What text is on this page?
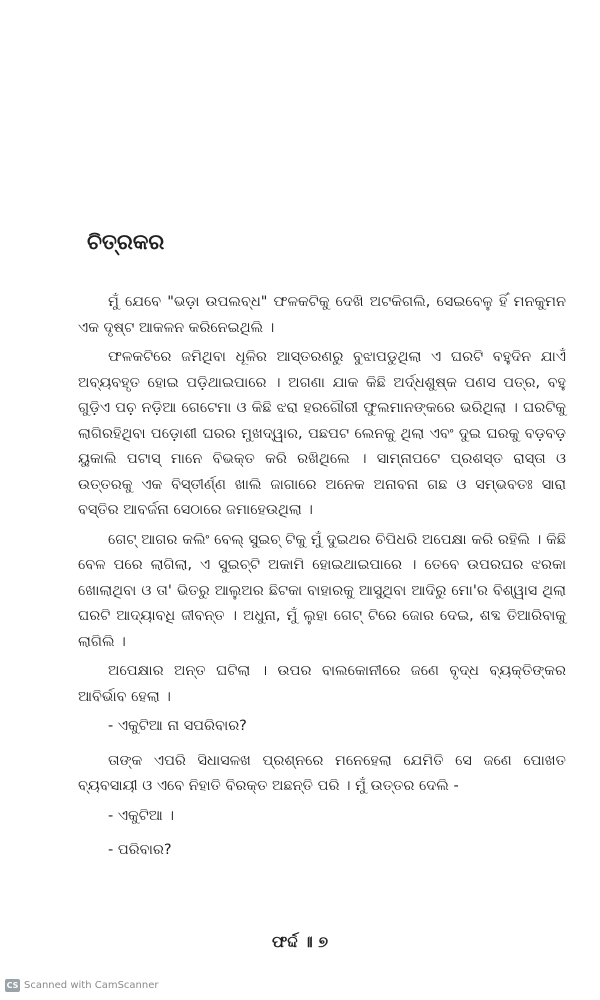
ଚିତ୍ରକର

ମୁଁ ଯେବେ "ଭଡ଼ା ଉପଲବ୍ଧ" ଫଳକଟିକୁ ଦେଖି ଅଟକିଗଲି, ସେଇବେଳୁ ହିଁ ମନକୁମନ ଏକ ଦୃଷ୍ଟ ଆକଳନ କରିନେଇଥିଲି ।

ଫଳକଟିରେ ଜମିଥିବା ଧୂଳିର ଆସ୍ତରଣରୁ ବୁଝାପଡୁଥିଲା ଏ ଘରଟି ବହୁଦିନ ଯାଏଁ ଅବ୍ୟବହୃତ ହୋଇ ପଡ଼ିଥାଇପାରେ । ଅଗଣା ଯାକ କିଛି ଅର୍ଦ୍ଧଶୁଷ୍କ ପଣସ ପତ୍ର, ବହୁ ଗୁଡ଼ିଏ ପଚ଼ ନଡ଼ିଆ ଗେଟେମା ଓ କିଛି ଝରା ହରଗୌରୀ ଫୁଲମାନଙ୍କରେ ଭରିଥିଲା । ଘରଟିକୁ ଲାଗିରହିଥିବା ପଡ଼ୋଶୀ ଘରର ମୁଖଦ୍ୱାର, ପଛପଟ ଲେନକୁ ଥିଲା ଏବଂ ଦୁଇ ଘରକୁ ବଡ଼ବଡ଼ ୟୁକାଲି ପଟାସ୍ ମାନେ ବିଭକ୍ତ କରି ରଖିଥିଲେ । ସାମ୍ନାପଟେ ପ୍ରଶସ୍ତ ରାସ୍ତା ଓ ଉତ୍ତରକୁ ଏକ ବିସ୍ତୀର୍ଣ୍ଣ ଖାଲି ଜାଗାରେ ଅନେକ ଅନାବନା ଗଛ ଓ ସମ୍ଭବତଃ ସାରା ବସ୍ତିର ଆବର୍ଜନା ସେଠାରେ ଜମାହେଉଥିଲା ।

ଗେଟ୍ ଆଗର କଲିଂ ବେଲ୍ ସୁଇଚ୍ ଟିକୁ ମୁଁ ଦୁଇଥର ଚିପିଧରି ଅପେକ୍ଷା କରି ରହିଲି । କିଛି ବେଳ ପରେ ଲାଗିଲା, ଏ ସୁଇଚ୍‌ଟି ଅକାମି ହୋଇଥାଇପାରେ । ତେବେ ଉପରଘର ଝରକା ଖୋଲାଥିବା ଓ ତା' ଭିତରୁ ଆଲୁଅର ଛିଟକା ବାହାରକୁ ଆସୁଥିବା ଆଦିରୁ ମୋ'ର ବିଶ୍ୱାସ ଥିଲା ଘରଟି ଆଦ୍ୟାବଧି ଜୀବନ୍ତ । ଅଧୁନା, ମୁଁ ଲୁହା ଗେଟ୍ ଟିରେ ଜୋର ଦେଇ, ଶବ୍ଦ ତିଆରିବାକୁ ଲାଗିଲି ।

ଅପେକ୍ଷାର ଅନ୍ତ ଘଟିଲା । ଉପର ବାଲକୋନୀରେ ଜଣେ ବୃଦ୍ଧ ବ୍ୟକ୍ତିଙ୍କର ଆବିର୍ଭାବ ହେଲା ।

- ଏକୁଟିଆ ନା ସପରିବାର?

ତାଙ୍କ ଏପରି ସିଧାସଳଖ ପ୍ରଶ୍ନରେ ମନେହେଲା ଯେମିତି ସେ ଜଣେ ପୋଖତ ବ୍ୟବସାୟୀ ଓ ଏବେ ନିହାତି ବିରକ୍ତ ଅଛନ୍ତି ପରି । ମୁଁ ଉତ୍ତର ଦେଲି -

- ଏକୁଟିଆ ।

- ପରିବାର?

ଫର୍ଦ୍ଦ ॥ ୭
CS Scanned with CamScanner
